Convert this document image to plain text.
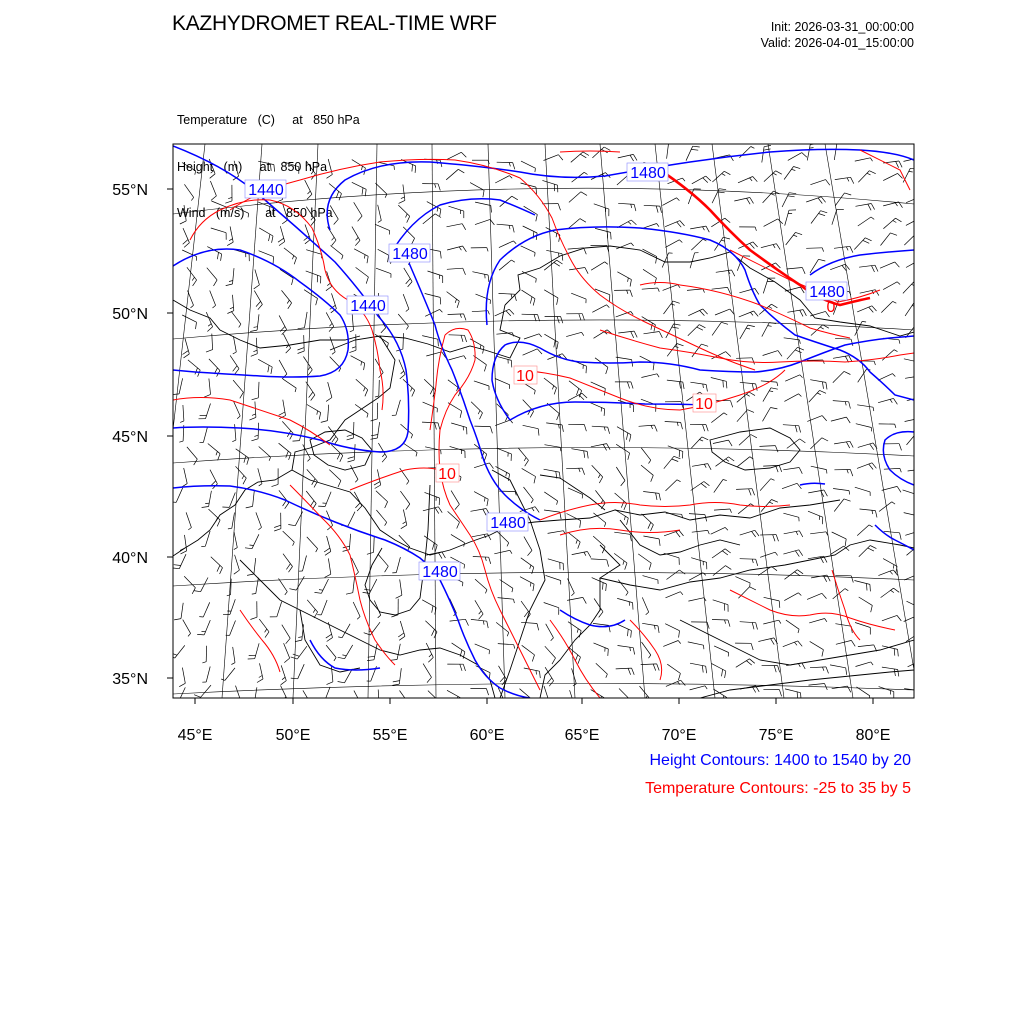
KAZHYDROMET REAL-TIME WRF	Init: 2026-03-31_00:00:00
Valid: 2026-04-01_15:00:00

Temperature   (C)     at   850 hPa

Height   (m)     at   850 hPa

Wind   (m/s)      at   850 hPa

1440
1480
1440
1480
1480
1480
1480
10
10
10
0
55°N
50°N
45°N
40°N
35°N
45°E	50°E	55°E	60°E	65°E	70°E	75°E	80°E
Height Contours: 1400 to 1540 by 20
Temperature Contours: -25 to 35 by 5
